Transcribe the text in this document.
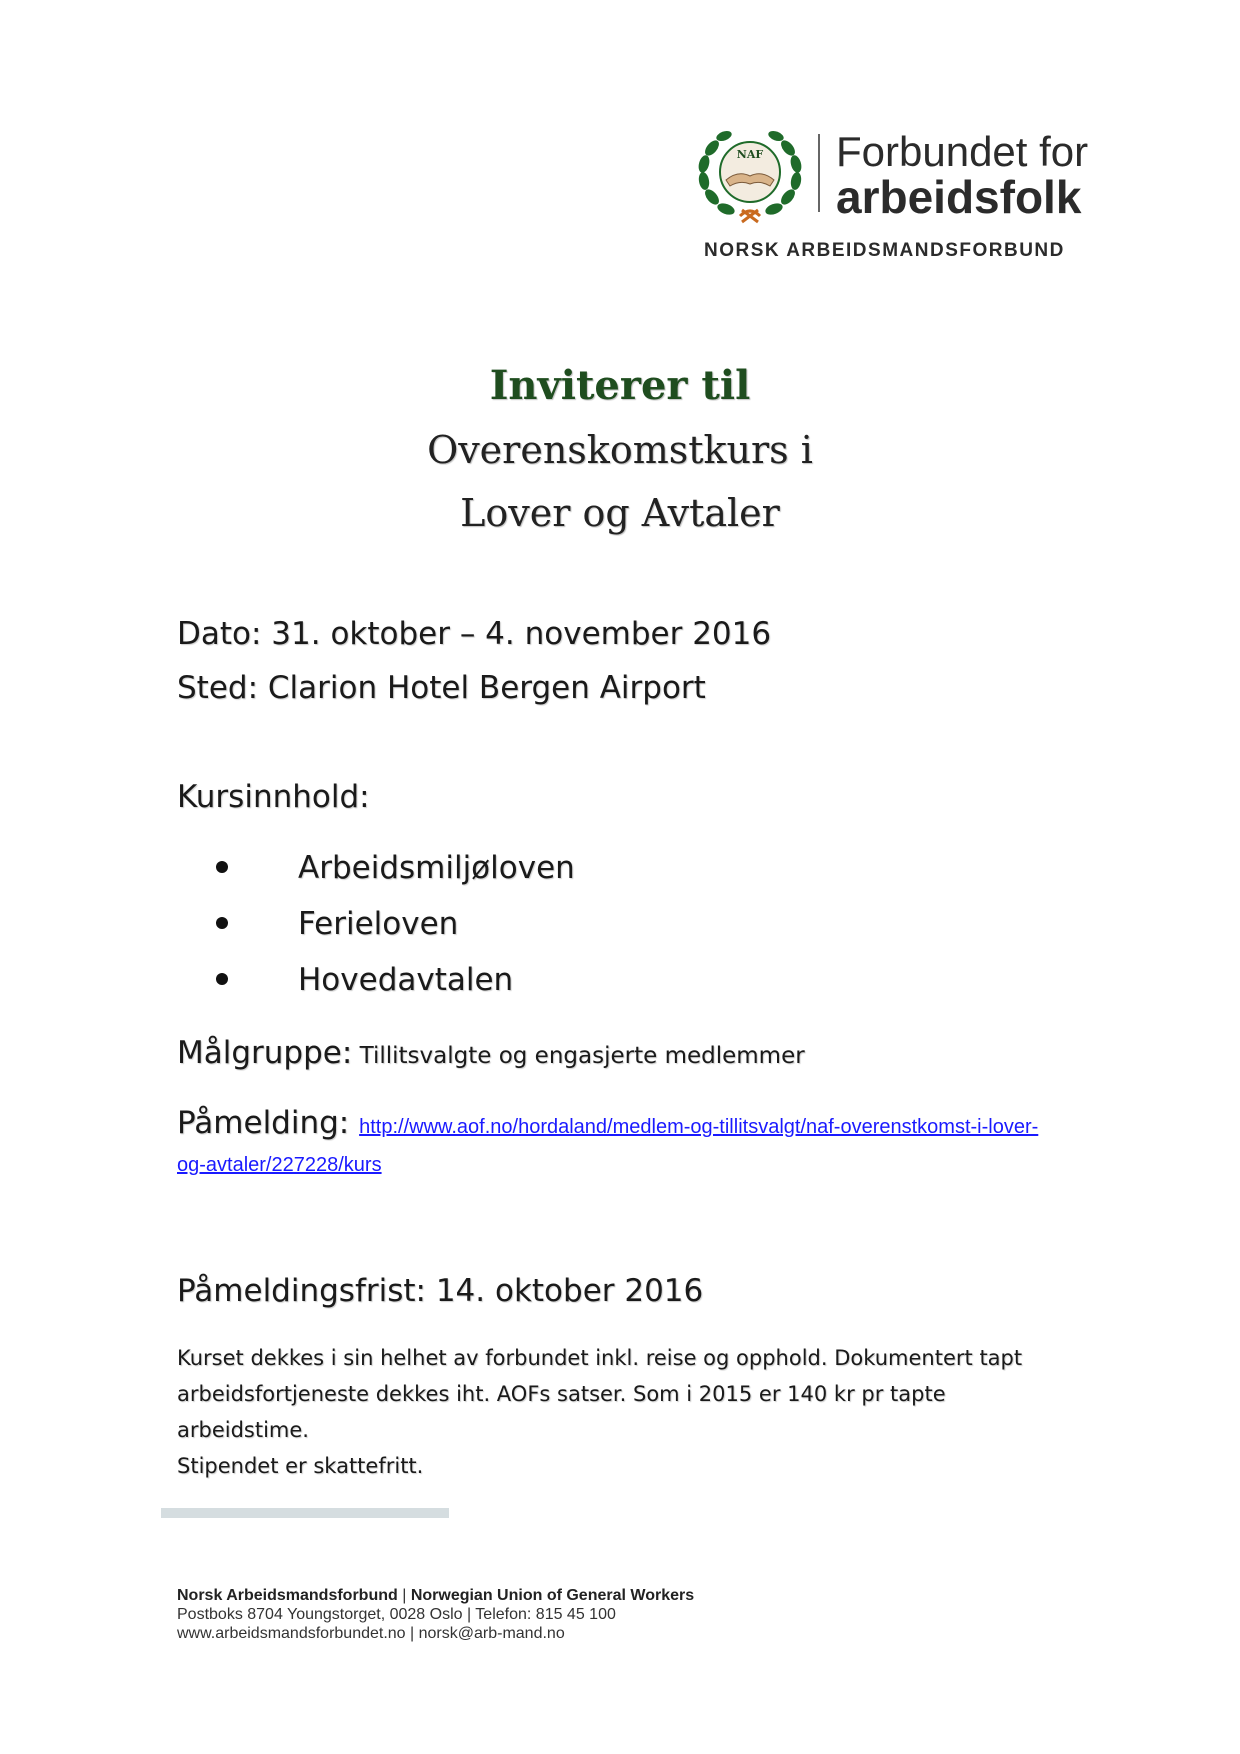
NAF Forbundet for
arbeidsfolk
NORSK ARBEIDSMANDSFORBUND
Inviterer til
Overenskomstkurs i
Lover og Avtaler
Dato: 31. oktober – 4. november 2016
Sted: Clarion Hotel Bergen Airport
Kursinnhold:
Arbeidsmiljøloven
Ferieloven
Hovedavtalen
Målgruppe: Tillitsvalgte og engasjerte medlemmer
Påmelding: http://www.aof.no/hordaland/medlem-og-tillitsvalgt/naf-overenstkomst-i-lover-
og-avtaler/227228/kurs
Påmeldingsfrist: 14. oktober 2016
Kurset dekkes i sin helhet av forbundet inkl. reise og opphold. Dokumentert tapt
arbeidsfortjeneste dekkes iht. AOFs satser. Som i 2015 er 140 kr pr tapte arbeidstime.
Stipendet er skattefritt.
Norsk Arbeidsmandsforbund | Norwegian Union of General Workers
Postboks 8704 Youngstorget, 0028 Oslo | Telefon: 815 45 100
www.arbeidsmandsforbundet.no | norsk@arb-mand.no
